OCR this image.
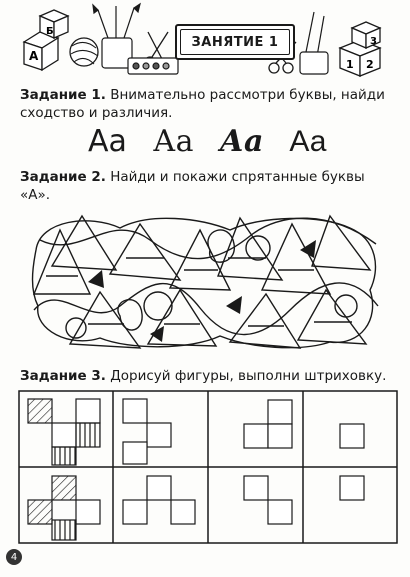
А
Б
1 2
3
ЗАНЯТИЕ 1
Задание 1. Внимательно рассмотри буквы, найди сходство и различия.
Аа Аа Аа Аа
Задание 2. Найди и покажи спрятанные буквы «А».
Задание 3. Дорисуй фигуры, выполни штриховку.
4
